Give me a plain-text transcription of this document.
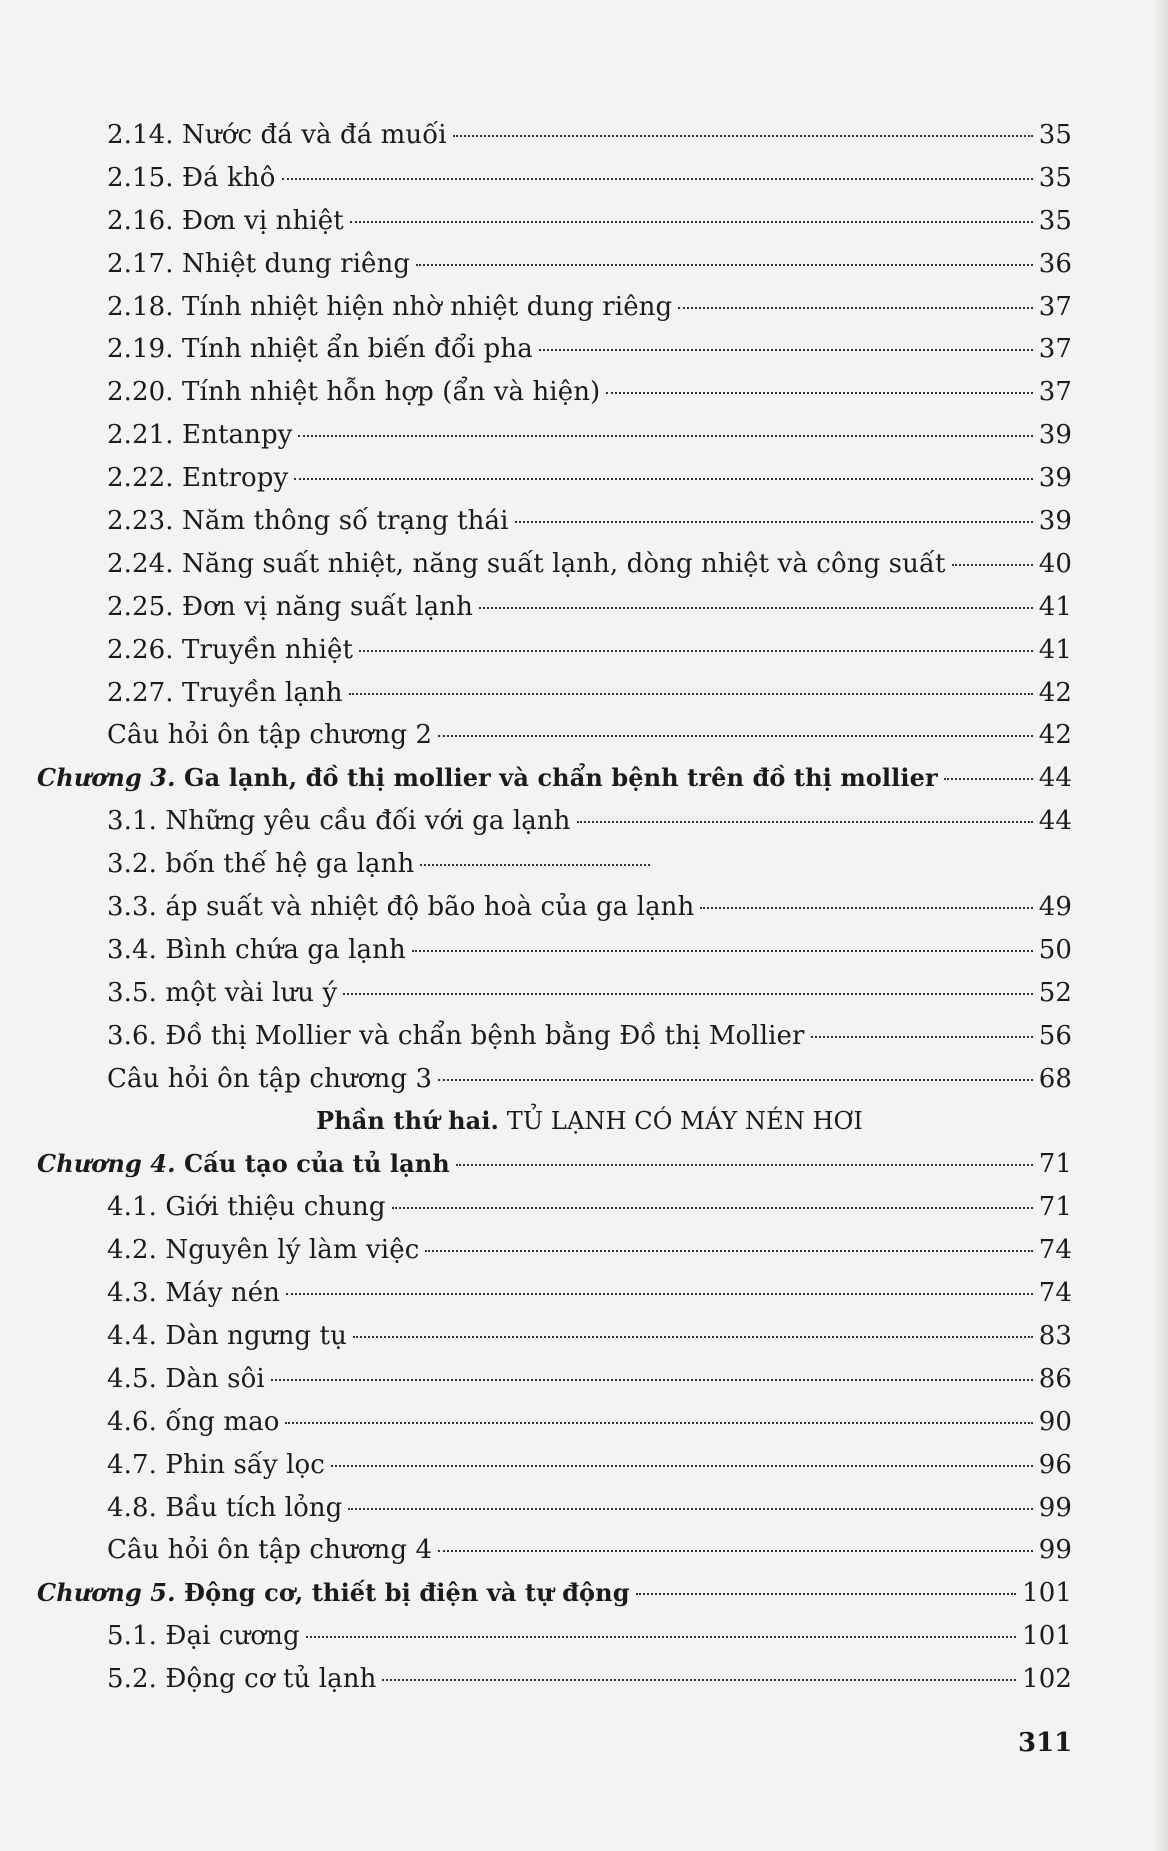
2.14. Nước đá và đá muối	35
2.15. Đá khô	35
2.16. Đơn vị nhiệt	35
2.17. Nhiệt dung riêng	36
2.18. Tính nhiệt hiện nhờ nhiệt dung riêng	37
2.19. Tính nhiệt ẩn biến đổi pha	37
2.20. Tính nhiệt hỗn hợp (ẩn và hiện)	37
2.21. Entanpy	39
2.22. Entropy	39
2.23. Năm thông số trạng thái	39
2.24. Năng suất nhiệt, năng suất lạnh, dòng nhiệt và công suất	40
2.25. Đơn vị năng suất lạnh	41
2.26. Truyền nhiệt	41
2.27. Truyền lạnh	42
Câu hỏi ôn tập chương 2	42
Chương 3. Ga lạnh, đồ thị mollier và chẩn bệnh trên đồ thị mollier	44
3.1. Những yêu cầu đối với ga lạnh	44
3.2. bốn thế hệ ga lạnh
3.3. áp suất và nhiệt độ bão hoà của ga lạnh	49
3.4. Bình chứa ga lạnh	50
3.5. một vài lưu ý	52
3.6. Đồ thị Mollier và chẩn bệnh bằng Đồ thị Mollier	56
Câu hỏi ôn tập chương 3	68
Phần thứ hai.
TỦ LẠNH CÓ MÁY NÉN HƠI
Chương 4. Cấu tạo của tủ lạnh	71
4.1. Giới thiệu chung	71
4.2. Nguyên lý làm việc	74
4.3. Máy nén	74
4.4. Dàn ngưng tụ	83
4.5. Dàn sôi	86
4.6. ống mao	90
4.7. Phin sấy lọc	96
4.8. Bầu tích lỏng	99
Câu hỏi ôn tập chương 4	99
Chương 5. Động cơ, thiết bị điện và tự động	101
5.1. Đại cương	101
5.2. Động cơ tủ lạnh	102
311
